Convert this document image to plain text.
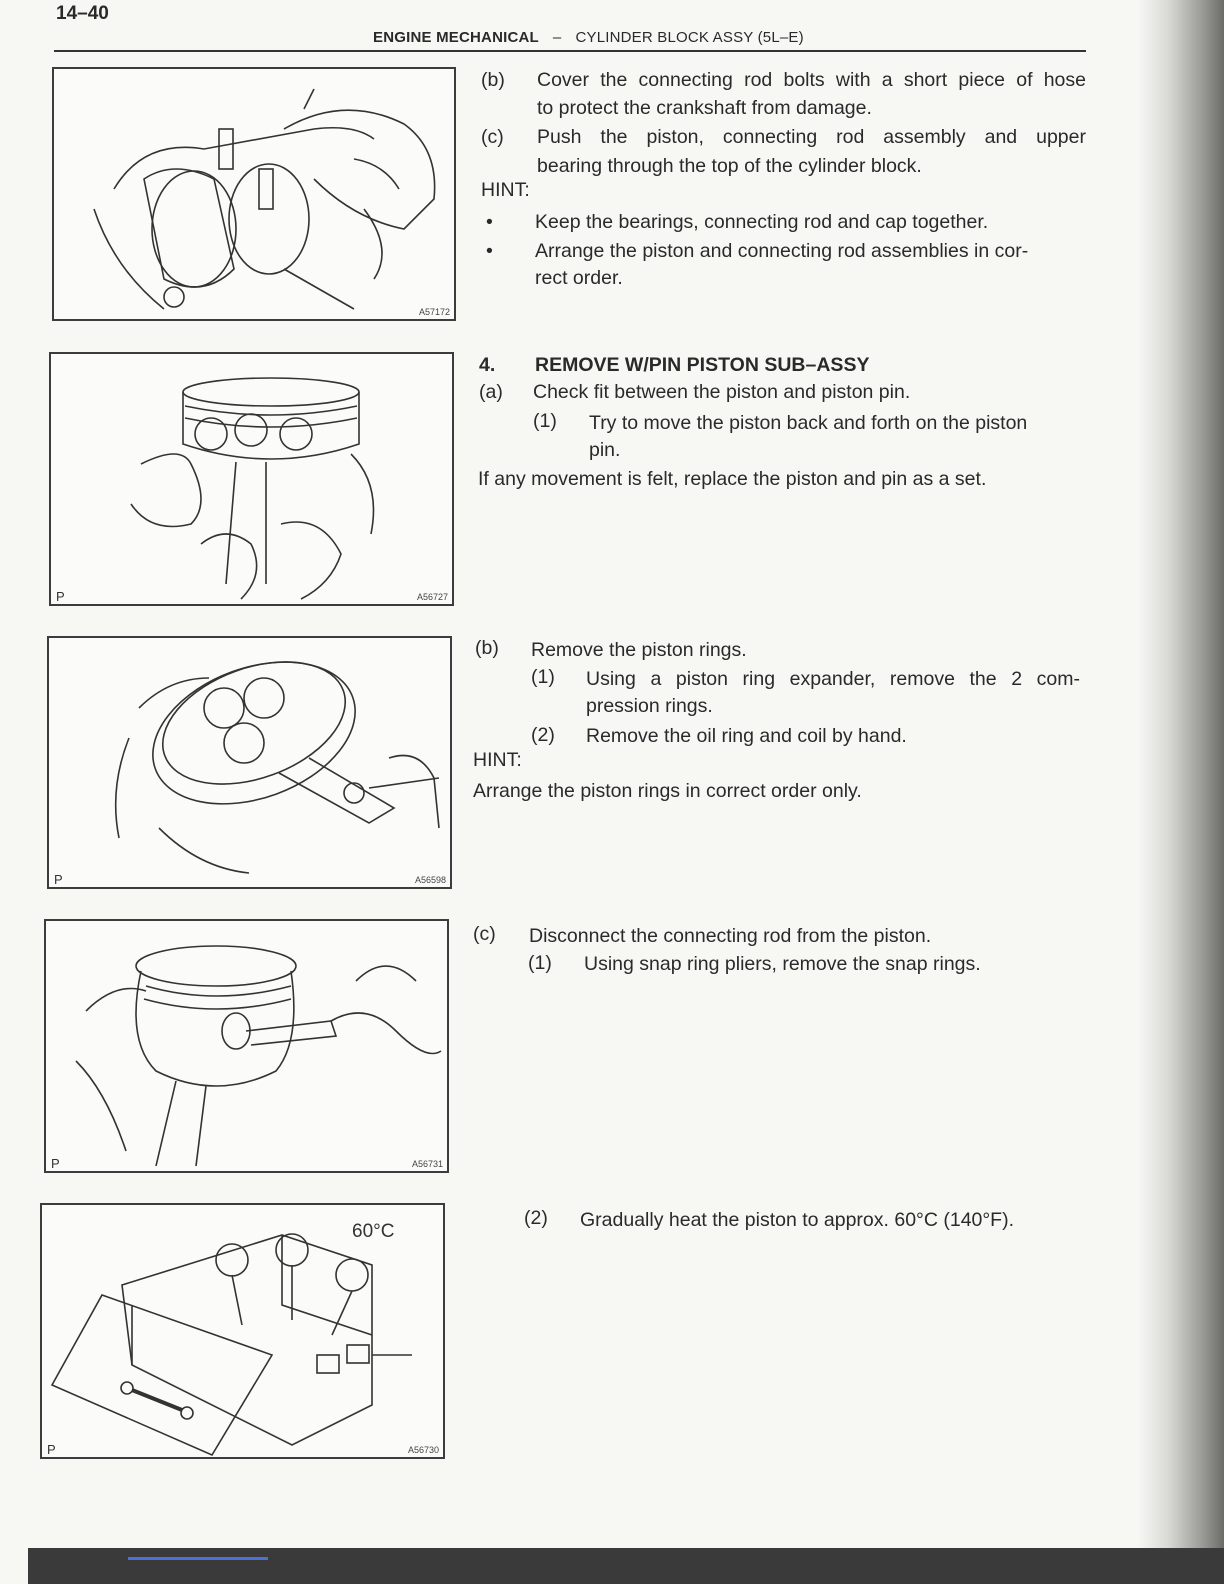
14–40
ENGINE MECHANICAL – CYLINDER BLOCK ASSY (5L–E)
A57172
P	A56727
P	A56598
P	A56731
60°C
P	A56730
(b) Cover the connecting rod bolts with a short piece of hose
to protect the crankshaft from damage.
(c) Push the piston, connecting rod assembly and upper
bearing through the top of the cylinder block.
HINT:
• Keep the bearings, connecting rod and cap together.
• Arrange the piston and connecting rod assemblies in cor-
rect order.
4. REMOVE W/PIN PISTON SUB–ASSY
(a) Check fit between the piston and piston pin.
(1) Try to move the piston back and forth on the piston
pin.
If any movement is felt, replace the piston and pin as a set.
(b) Remove the piston rings.
(1) Using a piston ring expander, remove the 2 com-
pression rings.
(2) Remove the oil ring and coil by hand.
HINT:
Arrange the piston rings in correct order only.
(c) Disconnect the connecting rod from the piston.
(1) Using snap ring pliers, remove the snap rings.
(2) Gradually heat the piston to approx. 60°C (140°F).
